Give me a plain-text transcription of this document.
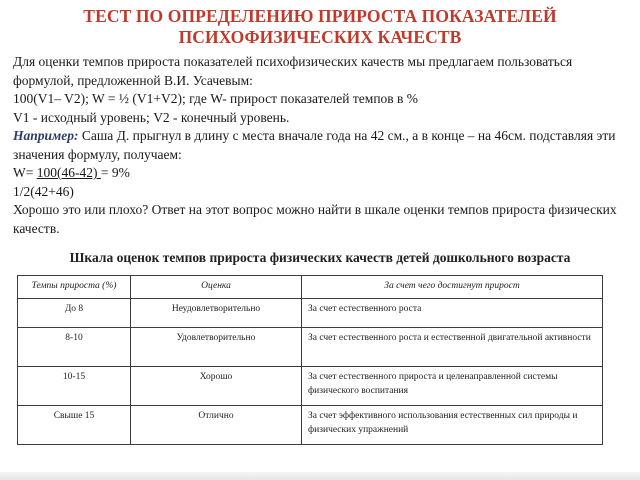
ТЕСТ ПО ОПРЕДЕЛЕНИЮ ПРИРОСТА ПОКАЗАТЕЛЕЙ
ПСИХОФИЗИЧЕСКИХ КАЧЕСТВ

Для оценки темпов прироста показателей психофизических качеств мы предлагаем пользоваться формулой, предложенной В.И. Усачевым:

100(V1– V2); W = ½ (V1+V2); где W- прирост показателей темпов в %

V1 - исходный уровень; V2 - конечный уровень.

Например: Саша Д. прыгнул в длину с места вначале года на 42 см., а в конце – на 46см. подставляя эти значения формулу, получаем:

W= 100(46-42) = 9%

1/2(42+46)

Хорошо это или плохо? Ответ на этот вопрос можно найти в шкале оценки темпов прироста физических качеств.

Шкала оценок темпов прироста физических качеств детей дошкольного возраста
Темпы прироста (%)	Оценка	За счет чего достигнут прирост
До 8	Неудовлетворительно	За счет естественного роста
8-10	Удовлетворительно	За счет естественного роста и естественной двигательной активности
10-15	Хорошо	За счет естественного прироста и целенаправленной системы физического воспитания
Свыше 15	Отлично	За счет эффективного использования естественных сил природы и физических упражнений
